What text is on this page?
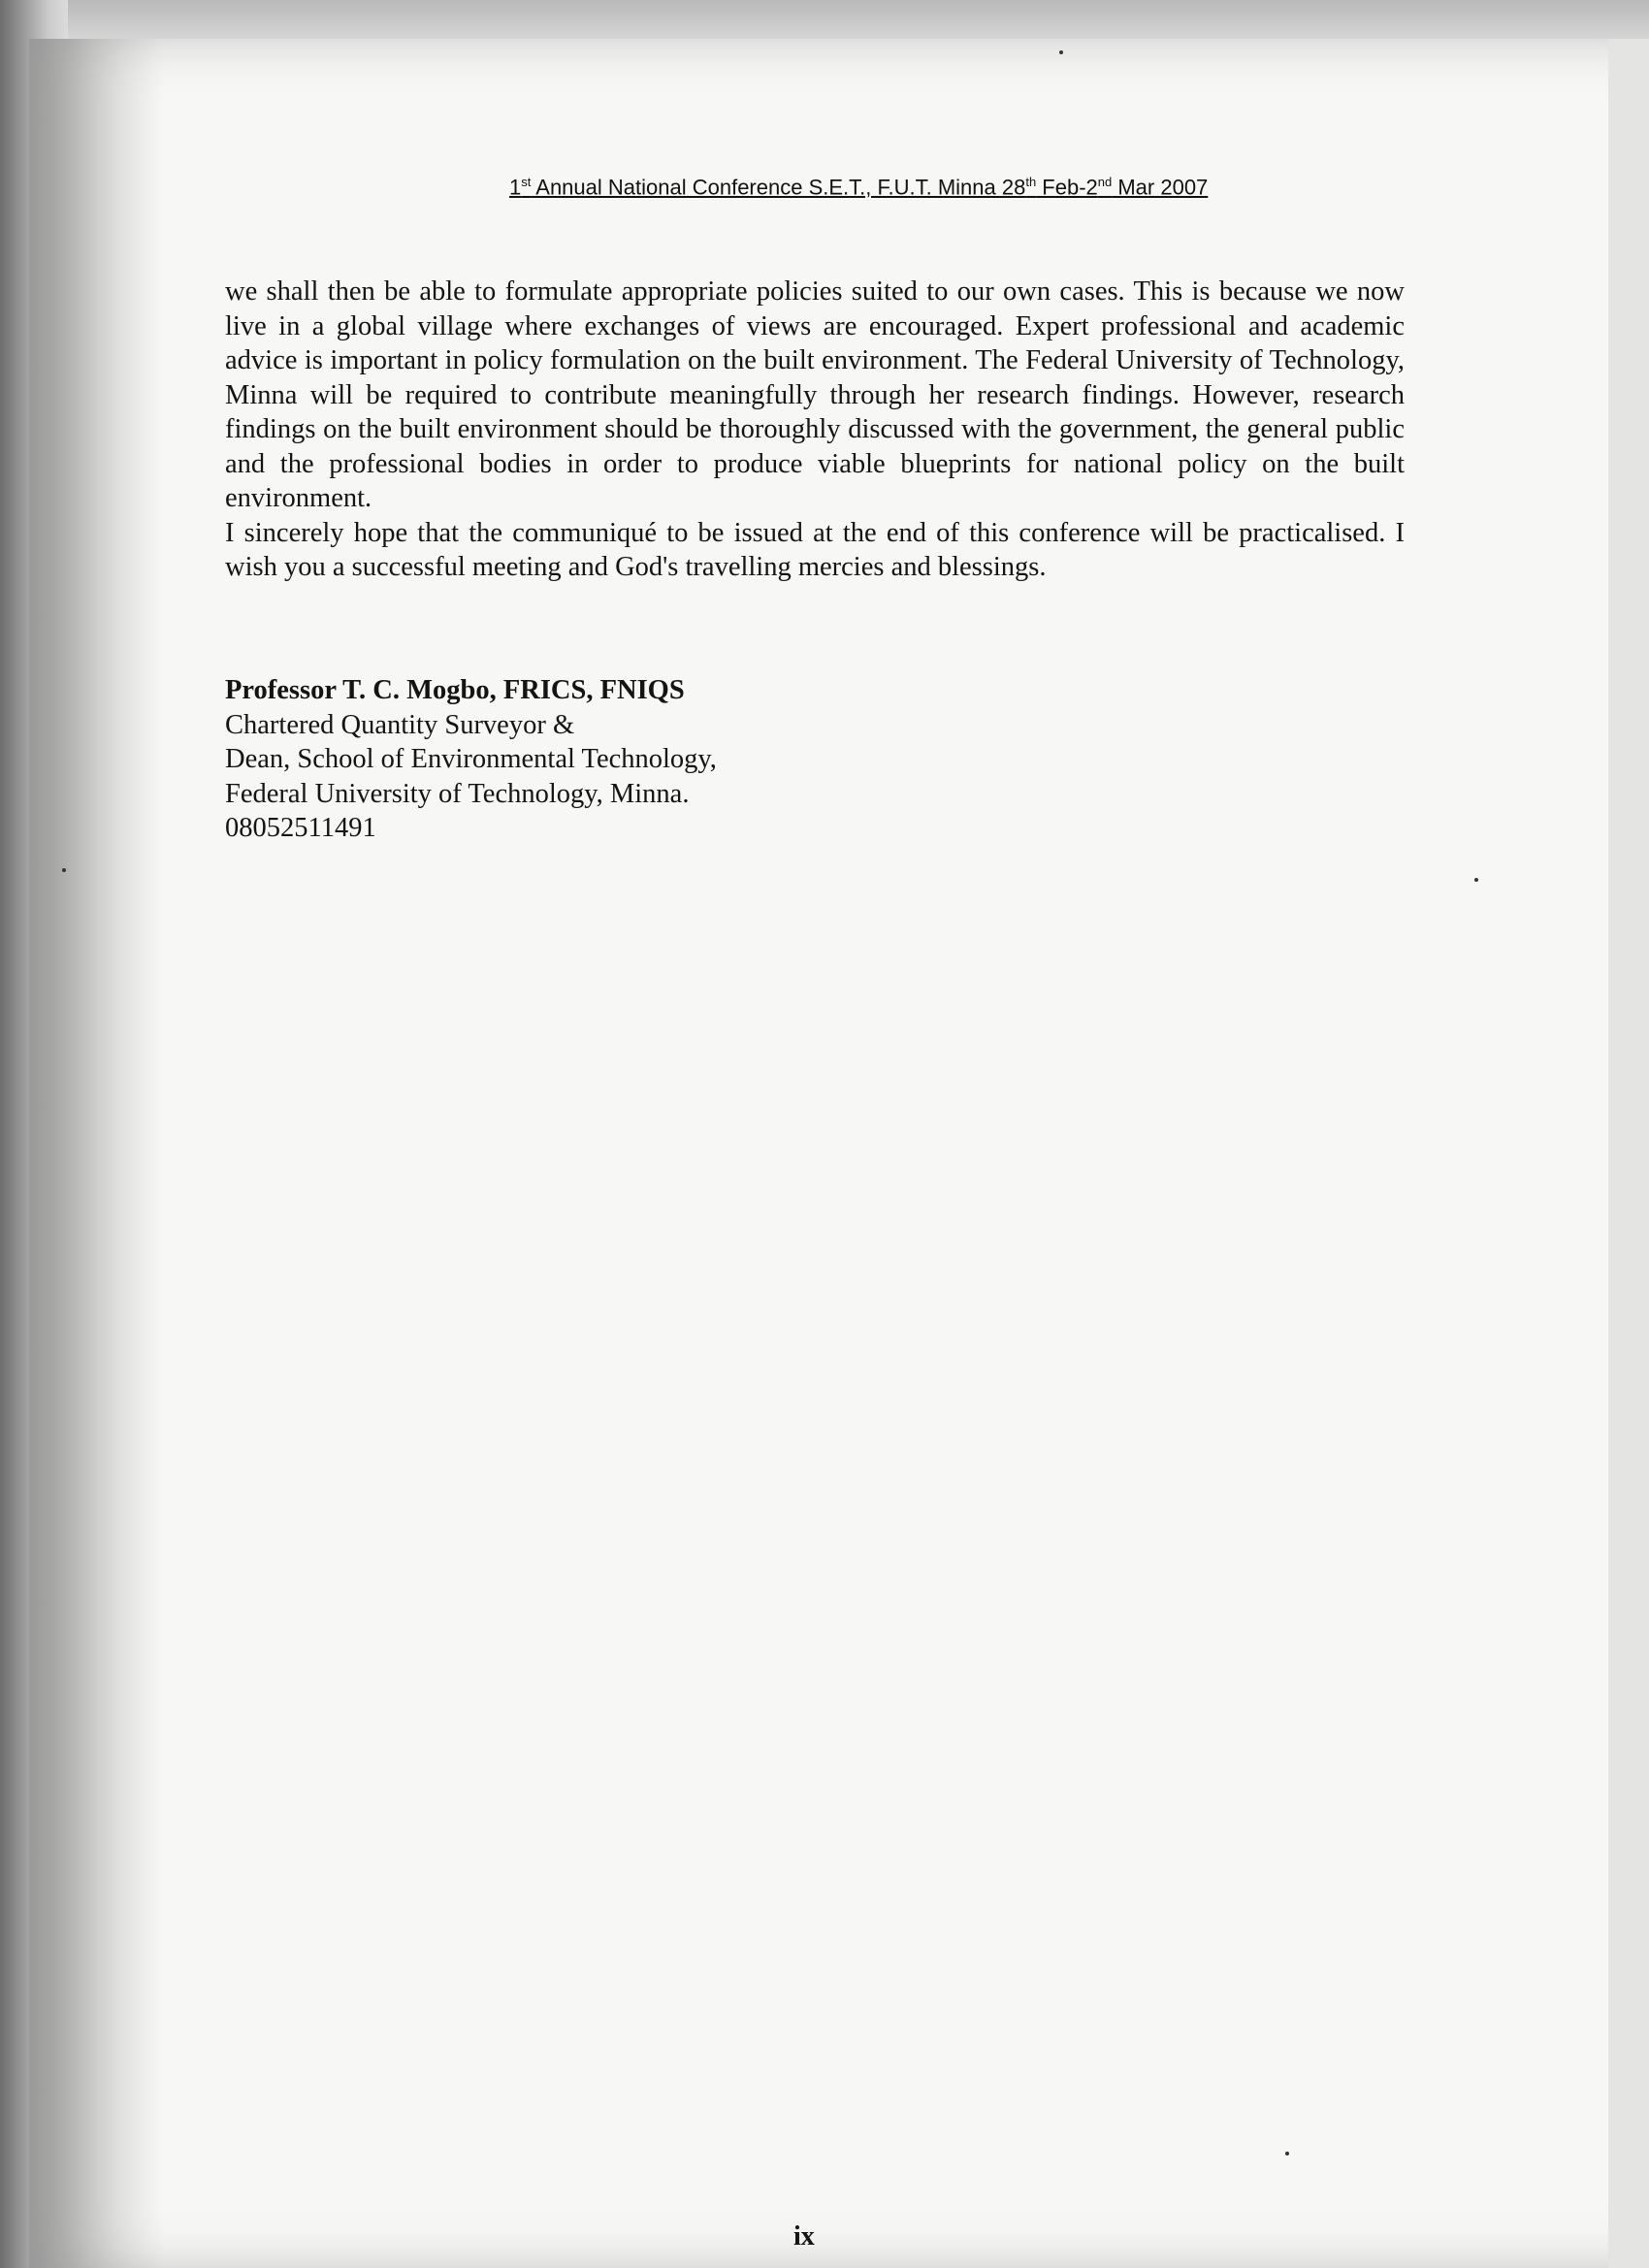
1st Annual National Conference S.E.T., F.U.T. Minna 28th Feb-2nd Mar 2007

we shall then be able to formulate appropriate policies suited to our own cases. This is because we now live in a global village where exchanges of views are encouraged. Expert professional and academic advice is important in policy formulation on the built environment. The Federal University of Technology, Minna will be required to contribute meaningfully through her research findings. However, research findings on the built environment should be thoroughly discussed with the government, the general public and the professional bodies in order to produce viable blueprints for national policy on the built environment.

I sincerely hope that the communiqué to be issued at the end of this conference will be practicalised. I wish you a successful meeting and God's travelling mercies and blessings.

Professor T. C. Mogbo, FRICS, FNIQS
Chartered Quantity Surveyor &
Dean, School of Environmental Technology,
Federal University of Technology, Minna.
08052511491
ix
